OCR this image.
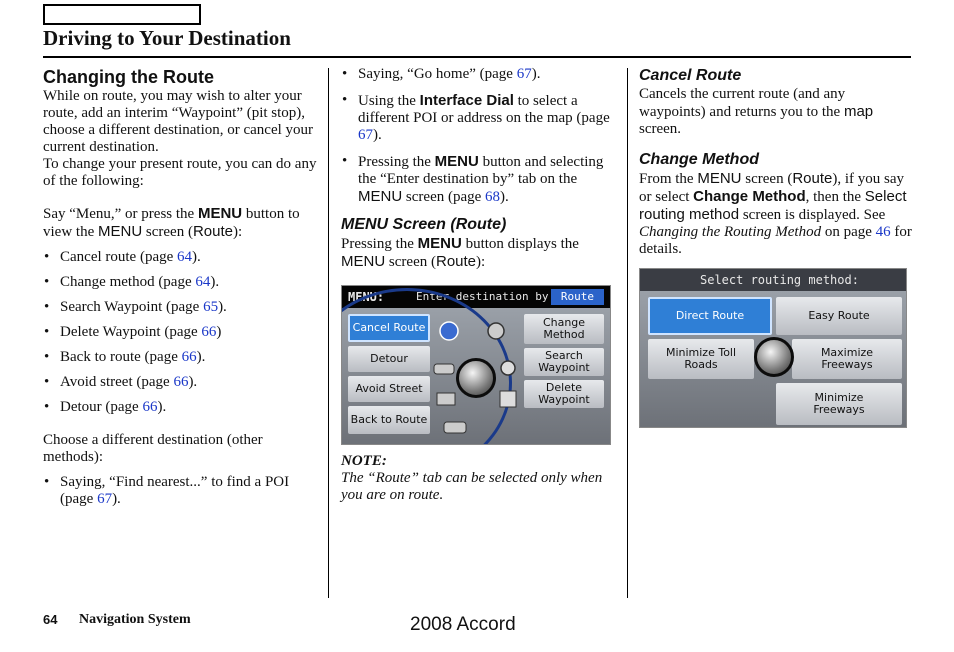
Driving to Your Destination
Changing the Route

While on route, you may wish to alter your route, add an interim “Waypoint” (pit stop), choose a different destination, or cancel your current destination.

To change your present route, you can do any of the following:

Say “Menu,” or press the MENU button to view the MENU screen (Route):

• Cancel route (page 64).
• Change method (page 64).
• Search Waypoint (page 65).
• Delete Waypoint (page 66)
• Back to route (page 66).
• Avoid street (page 66).
• Detour (page 66).

Choose a different destination (other methods):

• Saying, “Find nearest...” to find a POI (page 67).
• Saying, “Go home” (page 67).
• Using the Interface Dial to select a different POI or address on the map (page 67).
• Pressing the MENU button and selecting the “Enter destination by” tab on the MENU screen (page 68).
MENU Screen (Route)

Pressing the MENU button displays the MENU screen (Route):

MENU:	Enter destination by	Route
Cancel Route
Detour
Avoid Street
Back to Route
Change Method
Search Waypoint
Delete Waypoint
NOTE:

The “Route” tab can be selected only when you are on route.

Cancel Route

Cancels the current route (and any waypoints) and returns you to the map screen.

Change Method

From the MENU screen (Route), if you say or select Change Method, then the Select routing method screen is displayed. See Changing the Routing Method on page 46 for details.

Select routing method:
Direct Route	Easy Route
Minimize Toll Roads
Maximize Freeways
Minimize Freeways
64 Navigation System	2008 Accord
